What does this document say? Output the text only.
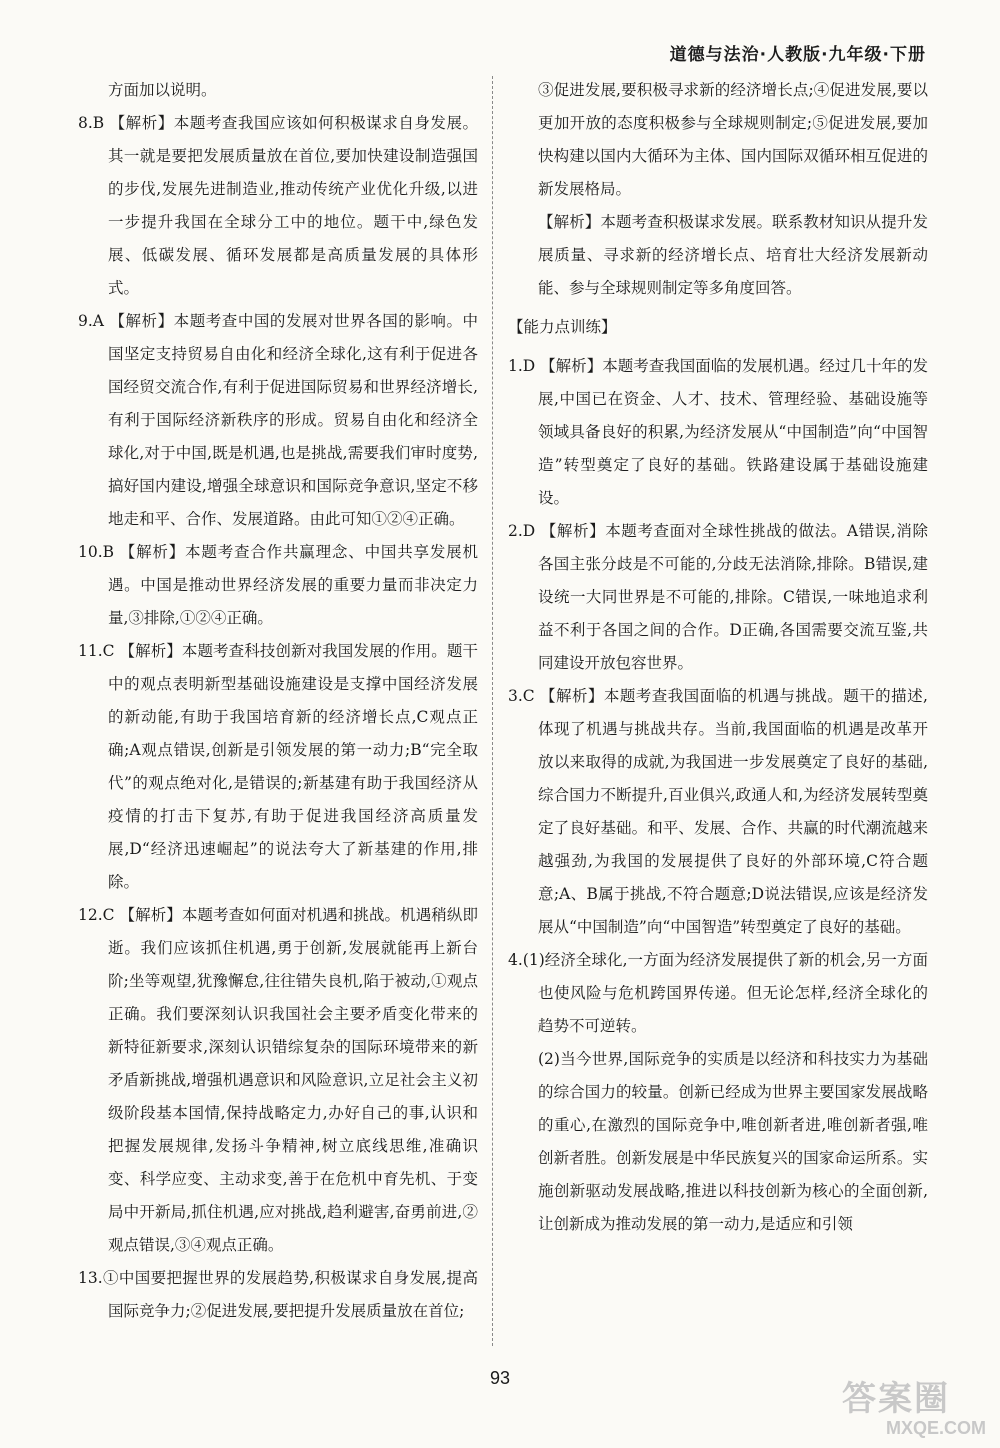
道德与法治·人教版·九年级·下册
方面加以说明。
8.B 【解析】本题考查我国应该如何积极谋求自身发展。其一就是要把发展质量放在首位,要加快建设制造强国的步伐,发展先进制造业,推动传统产业优化升级,以进一步提升我国在全球分工中的地位。题干中,绿色发展、低碳发展、循环发展都是高质量发展的具体形式。
9.A 【解析】本题考查中国的发展对世界各国的影响。中国坚定支持贸易自由化和经济全球化,这有利于促进各国经贸交流合作,有利于促进国际贸易和世界经济增长,有利于国际经济新秩序的形成。贸易自由化和经济全球化,对于中国,既是机遇,也是挑战,需要我们审时度势,搞好国内建设,增强全球意识和国际竞争意识,坚定不移地走和平、合作、发展道路。由此可知①②④正确。
10.B 【解析】本题考查合作共赢理念、中国共享发展机遇。中国是推动世界经济发展的重要力量而非决定力量,③排除,①②④正确。
11.C 【解析】本题考查科技创新对我国发展的作用。题干中的观点表明新型基础设施建设是支撑中国经济发展的新动能,有助于我国培育新的经济增长点,C观点正确;A观点错误,创新是引领发展的第一动力;B“完全取代”的观点绝对化,是错误的;新基建有助于我国经济从疫情的打击下复苏,有助于促进我国经济高质量发展,D“经济迅速崛起”的说法夸大了新基建的作用,排除。
12.C 【解析】本题考查如何面对机遇和挑战。机遇稍纵即逝。我们应该抓住机遇,勇于创新,发展就能再上新台阶;坐等观望,犹豫懈怠,往往错失良机,陷于被动,①观点正确。我们要深刻认识我国社会主要矛盾变化带来的新特征新要求,深刻认识错综复杂的国际环境带来的新矛盾新挑战,增强机遇意识和风险意识,立足社会主义初级阶段基本国情,保持战略定力,办好自己的事,认识和把握发展规律,发扬斗争精神,树立底线思维,准确识变、科学应变、主动求变,善于在危机中育先机、于变局中开新局,抓住机遇,应对挑战,趋利避害,奋勇前进,②观点错误,③④观点正确。
13.①中国要把握世界的发展趋势,积极谋求自身发展,提高国际竞争力;②促进发展,要把提升发展质量放在首位;
③促进发展,要积极寻求新的经济增长点;④促进发展,要以更加开放的态度积极参与全球规则制定;⑤促进发展,要加快构建以国内大循环为主体、国内国际双循环相互促进的新发展格局。
【解析】本题考查积极谋求发展。联系教材知识从提升发展质量、寻求新的经济增长点、培育壮大经济发展新动能、参与全球规则制定等多角度回答。
【能力点训练】
1.D 【解析】本题考查我国面临的发展机遇。经过几十年的发展,中国已在资金、人才、技术、管理经验、基础设施等领域具备良好的积累,为经济发展从“中国制造”向“中国智造”转型奠定了良好的基础。铁路建设属于基础设施建设。
2.D 【解析】本题考查面对全球性挑战的做法。A错误,消除各国主张分歧是不可能的,分歧无法消除,排除。B错误,建设统一大同世界是不可能的,排除。C错误,一味地追求利益不利于各国之间的合作。D正确,各国需要交流互鉴,共同建设开放包容世界。
3.C 【解析】本题考查我国面临的机遇与挑战。题干的描述,体现了机遇与挑战共存。当前,我国面临的机遇是改革开放以来取得的成就,为我国进一步发展奠定了良好的基础,综合国力不断提升,百业俱兴,政通人和,为经济发展转型奠定了良好基础。和平、发展、合作、共赢的时代潮流越来越强劲,为我国的发展提供了良好的外部环境,C符合题意;A、B属于挑战,不符合题意;D说法错误,应该是经济发展从“中国制造”向“中国智造”转型奠定了良好的基础。
4.(1)经济全球化,一方面为经济发展提供了新的机会,另一方面也使风险与危机跨国界传递。但无论怎样,经济全球化的趋势不可逆转。
(2)当今世界,国际竞争的实质是以经济和科技实力为基础的综合国力的较量。创新已经成为世界主要国家发展战略的重心,在激烈的国际竞争中,唯创新者进,唯创新者强,唯创新者胜。创新发展是中华民族复兴的国家命运所系。实施创新驱动发展战略,推进以科技创新为核心的全面创新,让创新成为推动发展的第一动力,是适应和引领
93
答案圈
MXQE.COM
